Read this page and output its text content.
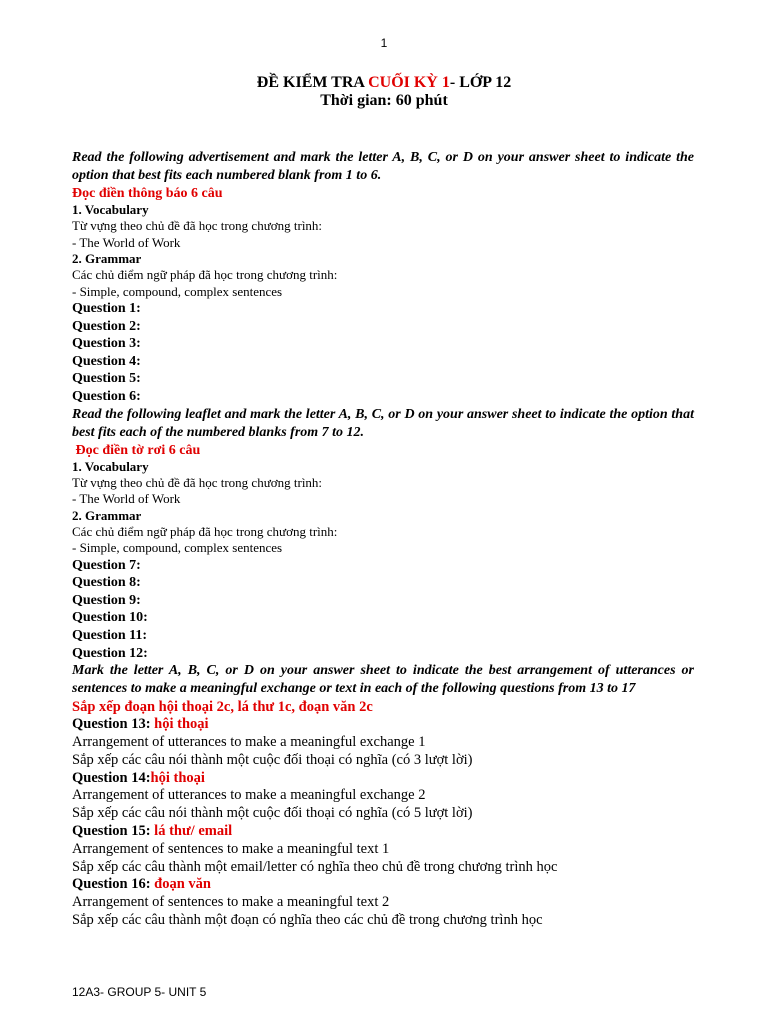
1
ĐỀ KIỂM TRA CUỐI KỲ 1- LỚP 12
Thời gian: 60 phút
Read the following advertisement and mark the letter A, B, C, or D on your answer sheet to indicate the option that best fits each numbered blank from 1 to 6.
Đọc điền thông báo 6 câu
1. Vocabulary
Từ vựng theo chủ đề đã học trong chương trình:
- The World of Work
2. Grammar
Các chủ điểm ngữ pháp đã học trong chương trình:
- Simple, compound, complex sentences
Question 1:
Question 2:
Question 3:
Question 4:
Question 5:
Question 6:
Read the following leaflet and mark the letter A, B, C, or D on your answer sheet to indicate the option that best fits each of the numbered blanks from 7 to 12.
Đọc điền tờ rơi 6 câu
1. Vocabulary
Từ vựng theo chủ đề đã học trong chương trình:
- The World of Work
2. Grammar
Các chủ điểm ngữ pháp đã học trong chương trình:
- Simple, compound, complex sentences
Question 7:
Question 8:
Question 9:
Question 10:
Question 11:
Question 12:
Mark the letter A, B, C, or D on your answer sheet to indicate the best arrangement of utterances or sentences to make a meaningful exchange or text in each of the following questions from 13 to 17
Sắp xếp đoạn hội thoại 2c, lá thư 1c, đoạn văn 2c
Question 13: hội thoại
Arrangement of utterances to make a meaningful exchange 1
Sắp xếp các câu nói thành một cuộc đối thoại có nghĩa (có 3 lượt lời)
Question 14:hội thoại
Arrangement of utterances to make a meaningful exchange 2
Sắp xếp các câu nói thành một cuộc đối thoại có nghĩa (có 5 lượt lời)
Question 15: lá thư/ email
Arrangement of sentences to make a meaningful text 1
Sắp xếp các câu thành một email/letter có nghĩa theo chủ đề trong chương trình học
Question 16: đoạn văn
Arrangement of sentences to make a meaningful text 2
Sắp xếp các câu thành một đoạn có nghĩa theo các chủ đề trong chương trình học
12A3- GROUP 5- UNIT 5
